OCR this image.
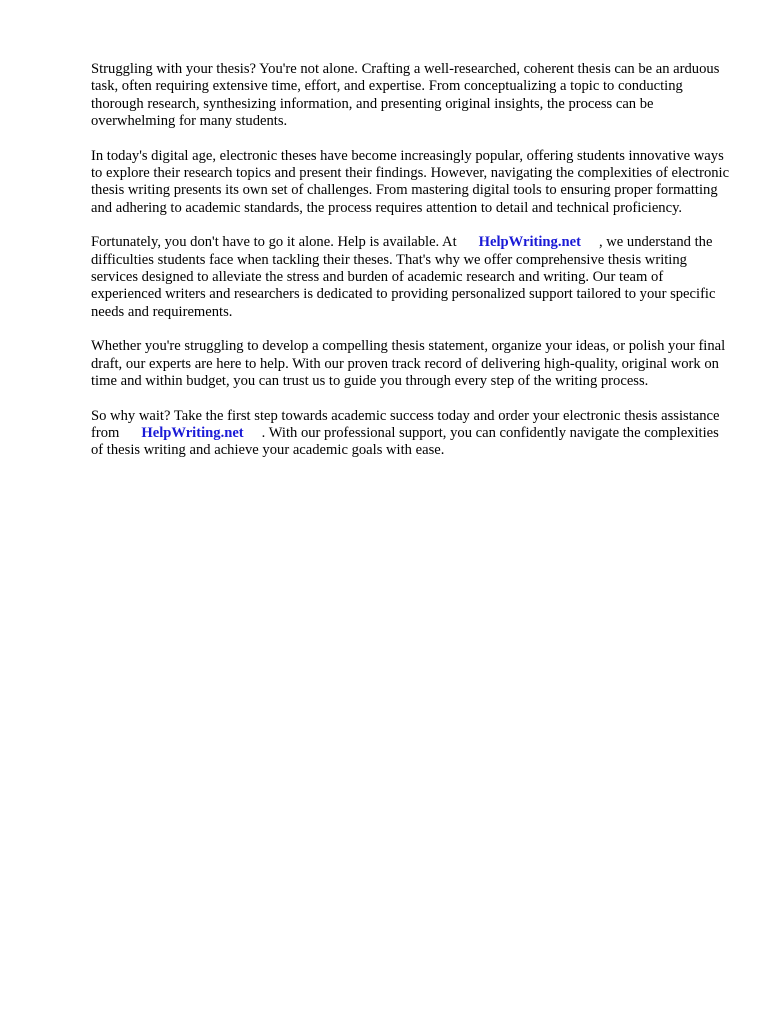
Struggling with your thesis? You're not alone. Crafting a well-researched, coherent thesis can be an arduous task, often requiring extensive time, effort, and expertise. From conceptualizing a topic to conducting thorough research, synthesizing information, and presenting original insights, the process can be overwhelming for many students.

In today's digital age, electronic theses have become increasingly popular, offering students innovative ways to explore their research topics and present their findings. However, navigating the complexities of electronic thesis writing presents its own set of challenges. From mastering digital tools to ensuring proper formatting and adhering to academic standards, the process requires attention to detail and technical proficiency.

Fortunately, you don't have to go it alone. Help is available. At HelpWriting.net , we understand the difficulties students face when tackling their theses. That's why we offer comprehensive thesis writing services designed to alleviate the stress and burden of academic research and writing. Our team of experienced writers and researchers is dedicated to providing personalized support tailored to your specific needs and requirements.

Whether you're struggling to develop a compelling thesis statement, organize your ideas, or polish your final draft, our experts are here to help. With our proven track record of delivering high-quality, original work on time and within budget, you can trust us to guide you through every step of the writing process.

So why wait? Take the first step towards academic success today and order your electronic thesis assistance from HelpWriting.net . With our professional support, you can confidently navigate the complexities of thesis writing and achieve your academic goals with ease.
